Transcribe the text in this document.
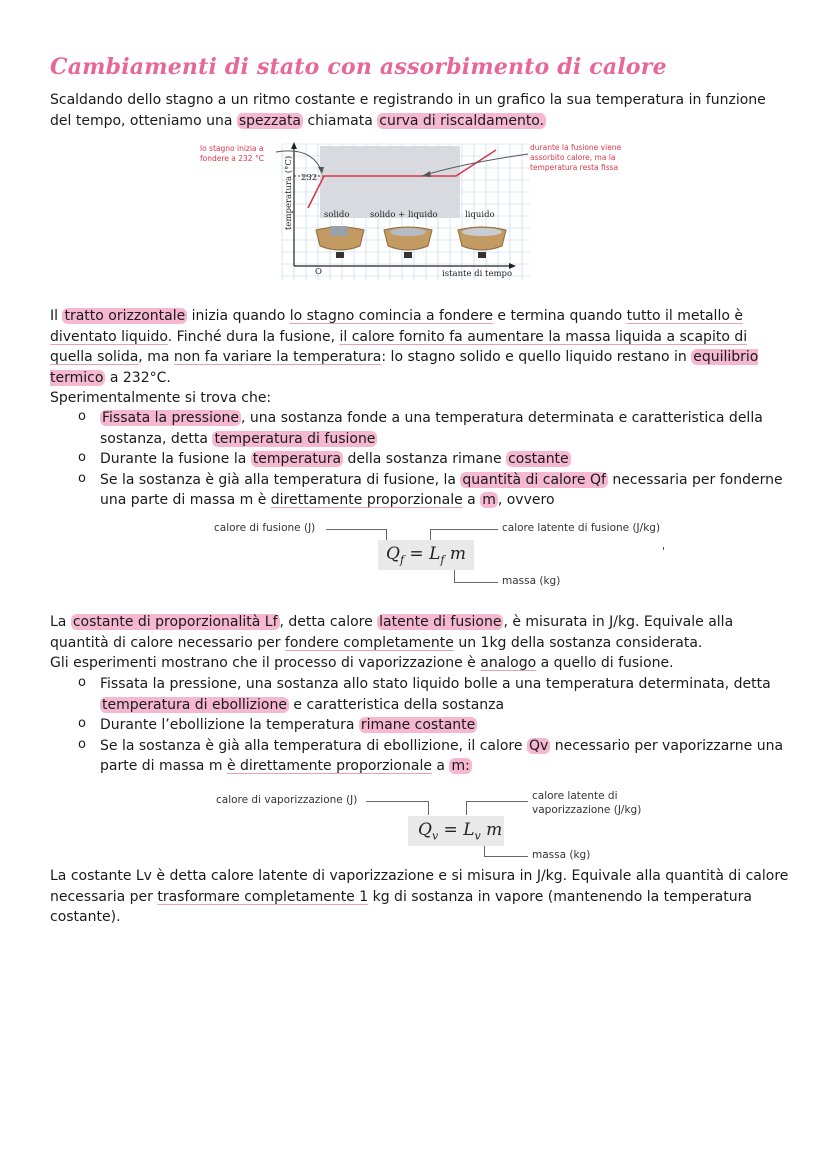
Cambiamenti di stato con assorbimento di calore
Scaldando dello stagno a un ritmo costante e registrando in un grafico la sua temperatura in funzione del tempo, otteniamo una spezzata chiamata curva di riscaldamento.
lo stagno inizia a
fondere a 232 °C
durante la fusione viene
assorbito calore, ma la
temperatura resta fissa
temperatura (°C) 232
O	istante di tempo
solido solido + liquido	liquido
Il tratto orizzontale inizia quando lo stagno comincia a fondere e termina quando tutto il metallo è diventato liquido. Finché dura la fusione, il calore fornito fa aumentare la massa liquida a scapito di quella solida, ma non fa variare la temperatura: lo stagno solido e quello liquido restano in equilibrio termico a 232°C.
Sperimentalmente si trova che:
o Fissata la pressione , una sostanza fonde a una temperatura determinata e caratteristica della sostanza, detta temperatura di fusione
o Durante la fusione la temperatura della sostanza rimane costante
o Se la sostanza è già alla temperatura di fusione, la quantità di calore Qf necessaria per fonderne una parte di massa m è direttamente proporzionale a m , ovvero
calore di fusione (J)	calore latente di fusione (J/kg)
$Q_f = L_f$ m
massa (kg)
'
La costante di proporzionalità Lf , detta calore latente di fusione , è misurata in J/kg. Equivale alla quantità di calore necessario per fondere completamente un 1kg della sostanza considerata.
Gli esperimenti mostrano che il processo di vaporizzazione è analogo a quello di fusione.
o Fissata la pressione, una sostanza allo stato liquido bolle a una temperatura determinata, detta temperatura di ebollizione e caratteristica della sostanza
o Durante l’ebollizione la temperatura rimane costante
o Se la sostanza è già alla temperatura di ebollizione, il calore Qv necessario per vaporizzarne una parte di massa m è direttamente proporzionale a m:
calore di vaporizzazione (J)	calore latente di
vaporizzazione (J/kg)
$Q_v = L_v$ m
massa (kg)
La costante Lv è detta calore latente di vaporizzazione e si misura in J/kg. Equivale alla quantità di calore necessaria per trasformare completamente 1 kg di sostanza in vapore (mantenendo la temperatura costante).
